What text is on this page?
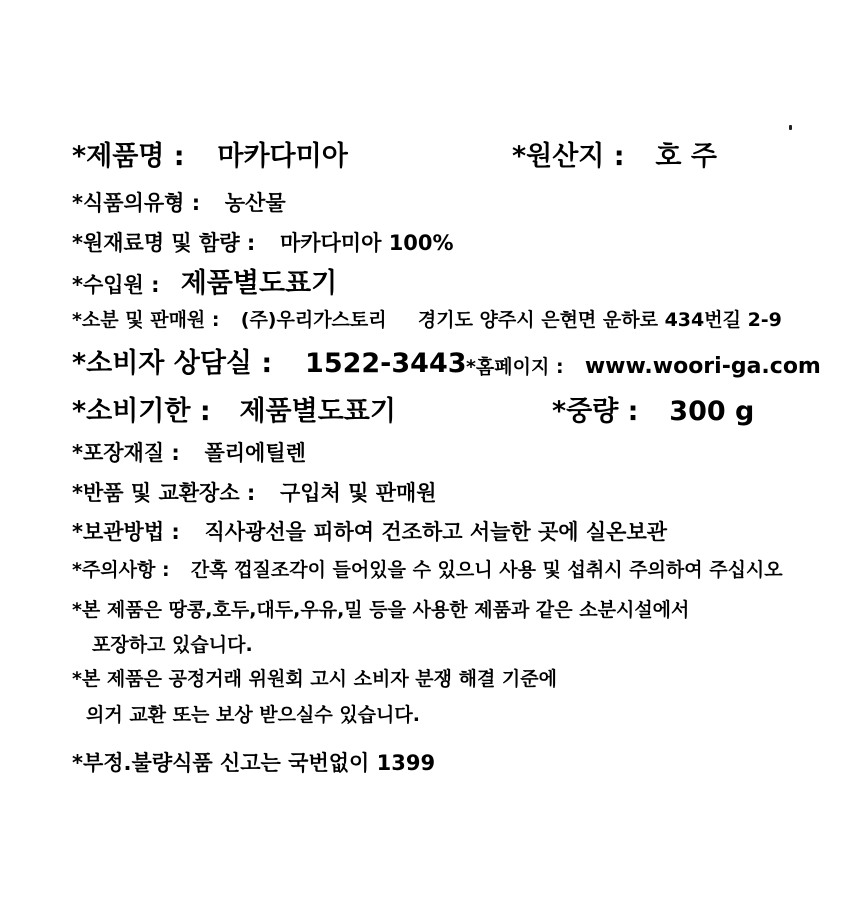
*제품명 : 마카다미아	*원산지 : 호 주
*식품의유형 : 농산물
*원재료명 및 함량 : 마카다미아 100%
*수입원 : 제품별도표기
*소분 및 판매원 : (주)우리가스토리 경기도 양주시 은현면 운하로 434번길 2-9
*소비자 상담실 : 1522-3443 *홈페이지 : www.woori-ga.com
*소비기한 : 제품별도표기	*중량 : 300 g
*포장재질 : 폴리에틸렌
*반품 및 교환장소 : 구입처 및 판매원
*보관방법 : 직사광선을 피하여 건조하고 서늘한 곳에 실온보관
*주의사항 : 간혹 껍질조각이 들어있을 수 있으니 사용 및 섭취시 주의하여 주십시오
*본 제품은 땅콩,호두,대두,우유,밀 등을 사용한 제품과 같은 소분시설에서
포장하고 있습니다.
*본 제품은 공정거래 위원회 고시 소비자 분쟁 해결 기준에
의거 교환 또는 보상 받으실수 있습니다.
*부정.불량식품 신고는 국번없이 1399
